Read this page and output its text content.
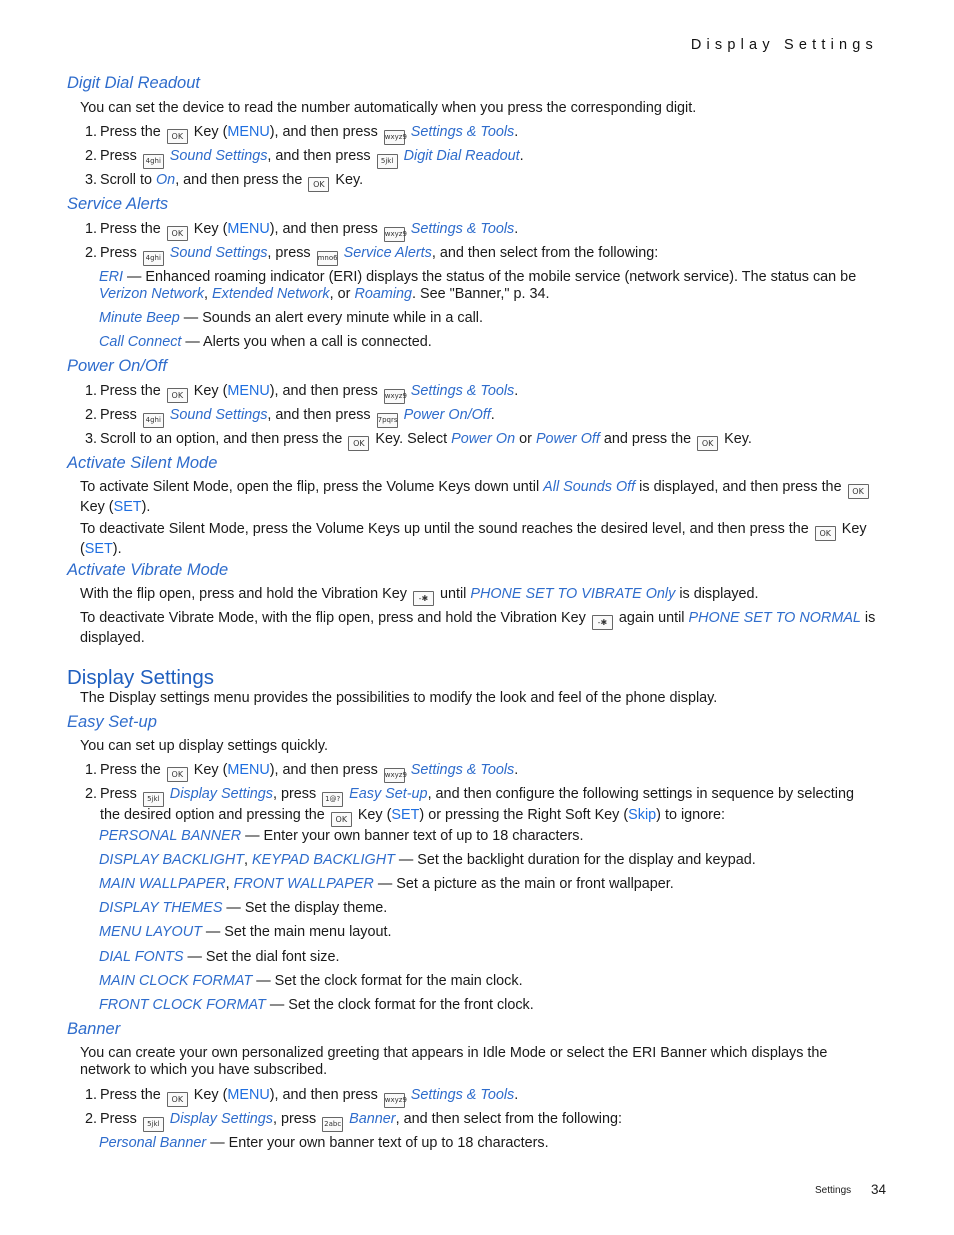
Display Settings
Digit Dial Readout
You can set the device to read the number automatically when you press the corresponding digit.
1. Press the OK Key (MENU), and then press wxyz9 Settings & Tools.
2. Press 4ghi Sound Settings, and then press 5jkl Digit Dial Readout.
3. Scroll to On, and then press the OK Key.
Service Alerts
1. Press the OK Key (MENU), and then press wxyz9 Settings & Tools.
2. Press 4ghi Sound Settings, press mno6 Service Alerts, and then select from the following:
ERI — Enhanced roaming indicator (ERI) displays the status of the mobile service (network service). The status can be Verizon Network, Extended Network, or Roaming. See "Banner," p. 34.
Minute Beep — Sounds an alert every minute while in a call.
Call Connect — Alerts you when a call is connected.
Power On/Off
1. Press the OK Key (MENU), and then press wxyz9 Settings & Tools.
2. Press 4ghi Sound Settings, and then press 7pqrs Power On/Off.
3. Scroll to an option, and then press the OK Key. Select Power On or Power Off and press the OK Key.
Activate Silent Mode
To activate Silent Mode, open the flip, press the Volume Keys down until All Sounds Off is displayed, and then press the OK
Key (SET).
To deactivate Silent Mode, press the Volume Keys up until the sound reaches the desired level, and then press the OK Key
(SET).
Activate Vibrate Mode
With the flip open, press and hold the Vibration Key -✱ until PHONE SET TO VIBRATE Only is displayed.
To deactivate Vibrate Mode, with the flip open, press and hold the Vibration Key -✱ again until PHONE SET TO NORMAL is displayed.
Display Settings
The Display settings menu provides the possibilities to modify the look and feel of the phone display.
Easy Set-up
You can set up display settings quickly.
1. Press the OK Key (MENU), and then press wxyz9 Settings & Tools.
2. Press 5jkl Display Settings, press 1@? Easy Set-up, and then configure the following settings in sequence by selecting
the desired option and pressing the OK Key (SET) or pressing the Right Soft Key (Skip) to ignore:
PERSONAL BANNER — Enter your own banner text of up to 18 characters.
DISPLAY BACKLIGHT, KEYPAD BACKLIGHT — Set the backlight duration for the display and keypad.
MAIN WALLPAPER, FRONT WALLPAPER — Set a picture as the main or front wallpaper.
DISPLAY THEMES — Set the display theme.
MENU LAYOUT — Set the main menu layout.
DIAL FONTS — Set the dial font size.
MAIN CLOCK FORMAT — Set the clock format for the main clock.
FRONT CLOCK FORMAT — Set the clock format for the front clock.
Banner
You can create your own personalized greeting that appears in Idle Mode or select the ERI Banner which displays the
network to which you have subscribed.
1. Press the OK Key (MENU), and then press wxyz9 Settings & Tools.
2. Press 5jkl Display Settings, press 2abc Banner, and then select from the following:
Personal Banner — Enter your own banner text of up to 18 characters.
Settings 34
